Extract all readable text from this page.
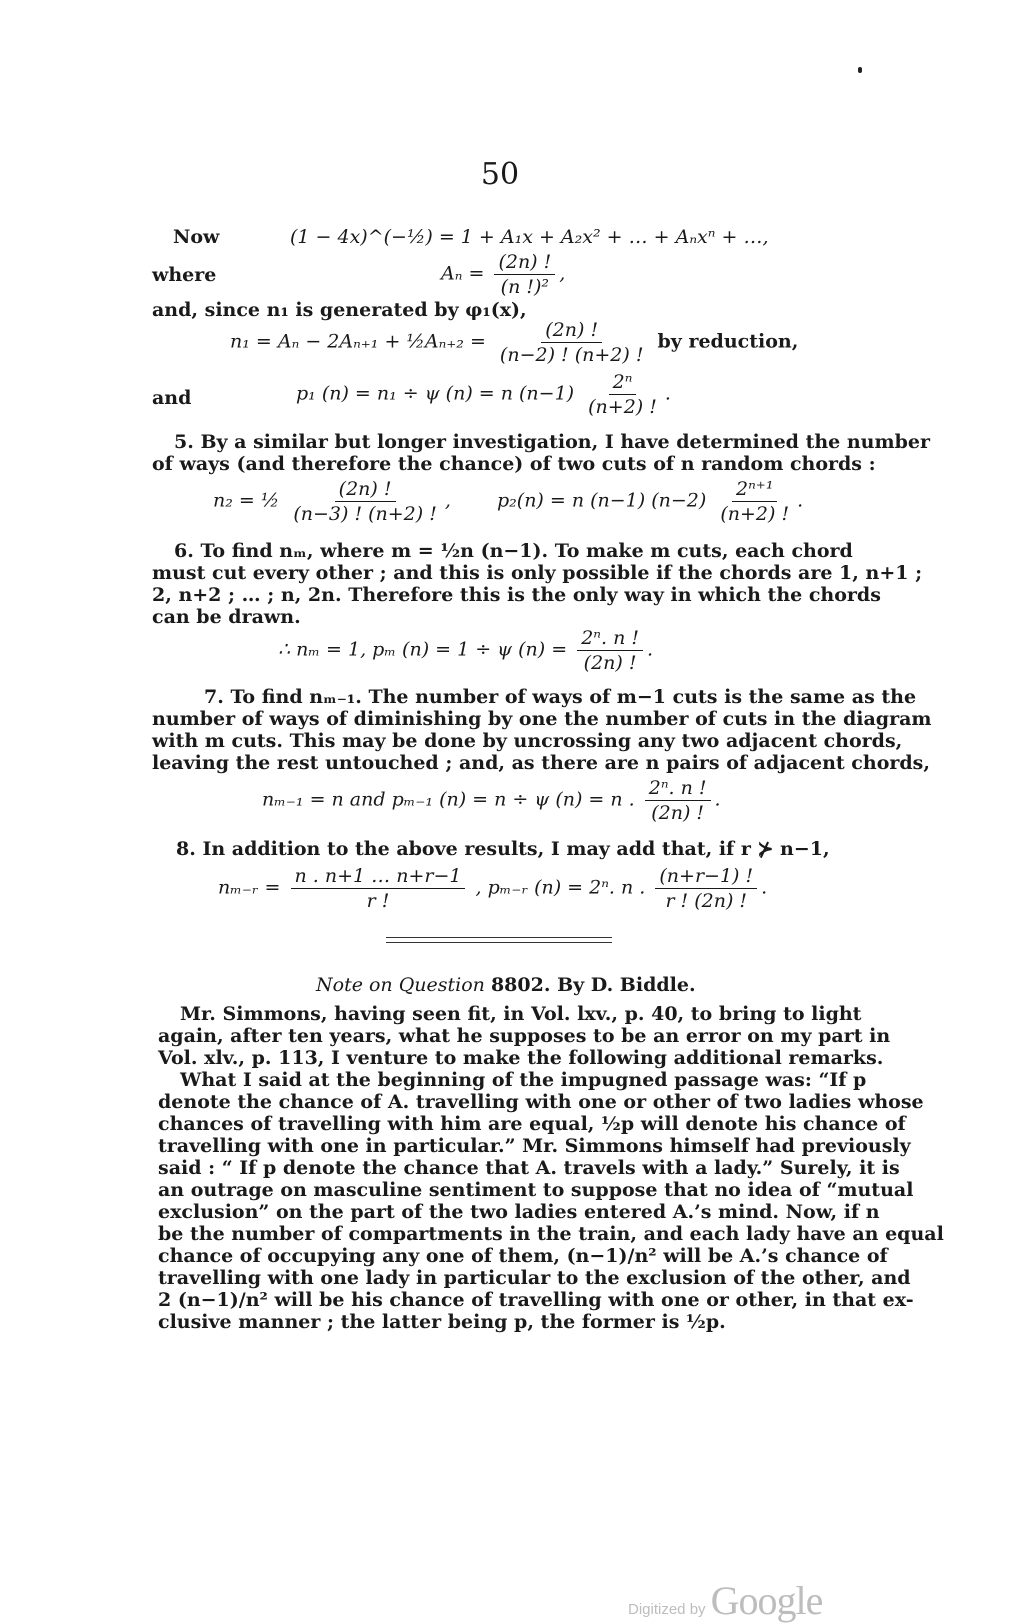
50
Now	(1 − 4x)^(−½) = 1 + A₁x + A₂x² + … + Aₙxⁿ + …,
where	$A_n = \frac{(2n) !}{\text{(n !)²}}$ ,
and, since n₁ is generated by φ₁(x),
n₁ = Aₙ − 2Aₙ₊₁ + ½Aₙ₊₂ = $\frac{(2n) !}{(n-2) ! (n+2) !}$ by reduction,
and	p₁ (n) = n₁ ÷ ψ (n) = n $(n-1) \frac{\text{2ⁿ}}{(n+2) !}$ .
5. By a similar but longer investigation, I have determined the number
of ways (and therefore the chance) of two cuts of n random chords :
n₂ = ½ $\frac{(2n) !}{(n-3) ! (n+2) !}$ ,  p₂(n) = n (n−1) $(n-2) \frac{\text{2ⁿ⁺¹}}{(n+2) !}$ .
6. To find nₘ, where m = ½n (n−1). To make m cuts, each chord
must cut every other ; and this is only possible if the chords are 1, n+1 ;
2, n+2 ; … ; n, 2n. Therefore this is the only way in which the chords
can be drawn.
∴ nₘ = 1, pₘ (n) = 1 ÷ ψ $(n) = \frac{\text{2ⁿ. n !}}{(2n) !}$ .
7. To find nₘ₋₁. The number of ways of m−1 cuts is the same as the
number of ways of diminishing by one the number of cuts in the diagram
with m cuts. This may be done by uncrossing any two adjacent chords,
leaving the rest untouched ; and, as there are n pairs of adjacent chords,
nₘ₋₁ = n and pₘ₋₁ (n) = n ÷ ψ (n) = n . $\frac{\text{2ⁿ. n !}}{(2n) !}$ .
8. In addition to the above results, I may add that, if r ⊁ n−1,
nₘ₋ᵣ = $\frac{n . n+1 \dots n+r-1}{r !}$ , pₘ₋ᵣ (n) = 2ⁿ. n . $\frac{(n+r-1) !}{r ! (2n) !}$ .
Note on Question 8802. By D. Biddle.
Mr. Simmons, having seen fit, in Vol. lxv., p. 40, to bring to light
again, after ten years, what he supposes to be an error on my part in
Vol. xlv., p. 113, I venture to make the following additional remarks.
What I said at the beginning of the impugned passage was: “If p
denote the chance of A. travelling with one or other of two ladies whose
chances of travelling with him are equal, ½p will denote his chance of
travelling with one in particular.” Mr. Simmons himself had previously
said : “ If p denote the chance that A. travels with a lady.” Surely, it is
an outrage on masculine sentiment to suppose that no idea of “mutual
exclusion” on the part of the two ladies entered A.’s mind. Now, if n
be the number of compartments in the train, and each lady have an equal
chance of occupying any one of them, (n−1)/n² will be A.’s chance of
travelling with one lady in particular to the exclusion of the other, and
2 (n−1)/n² will be his chance of travelling with one or other, in that ex-
clusive manner ; the latter being p, the former is ½p.
Digitized by Google
